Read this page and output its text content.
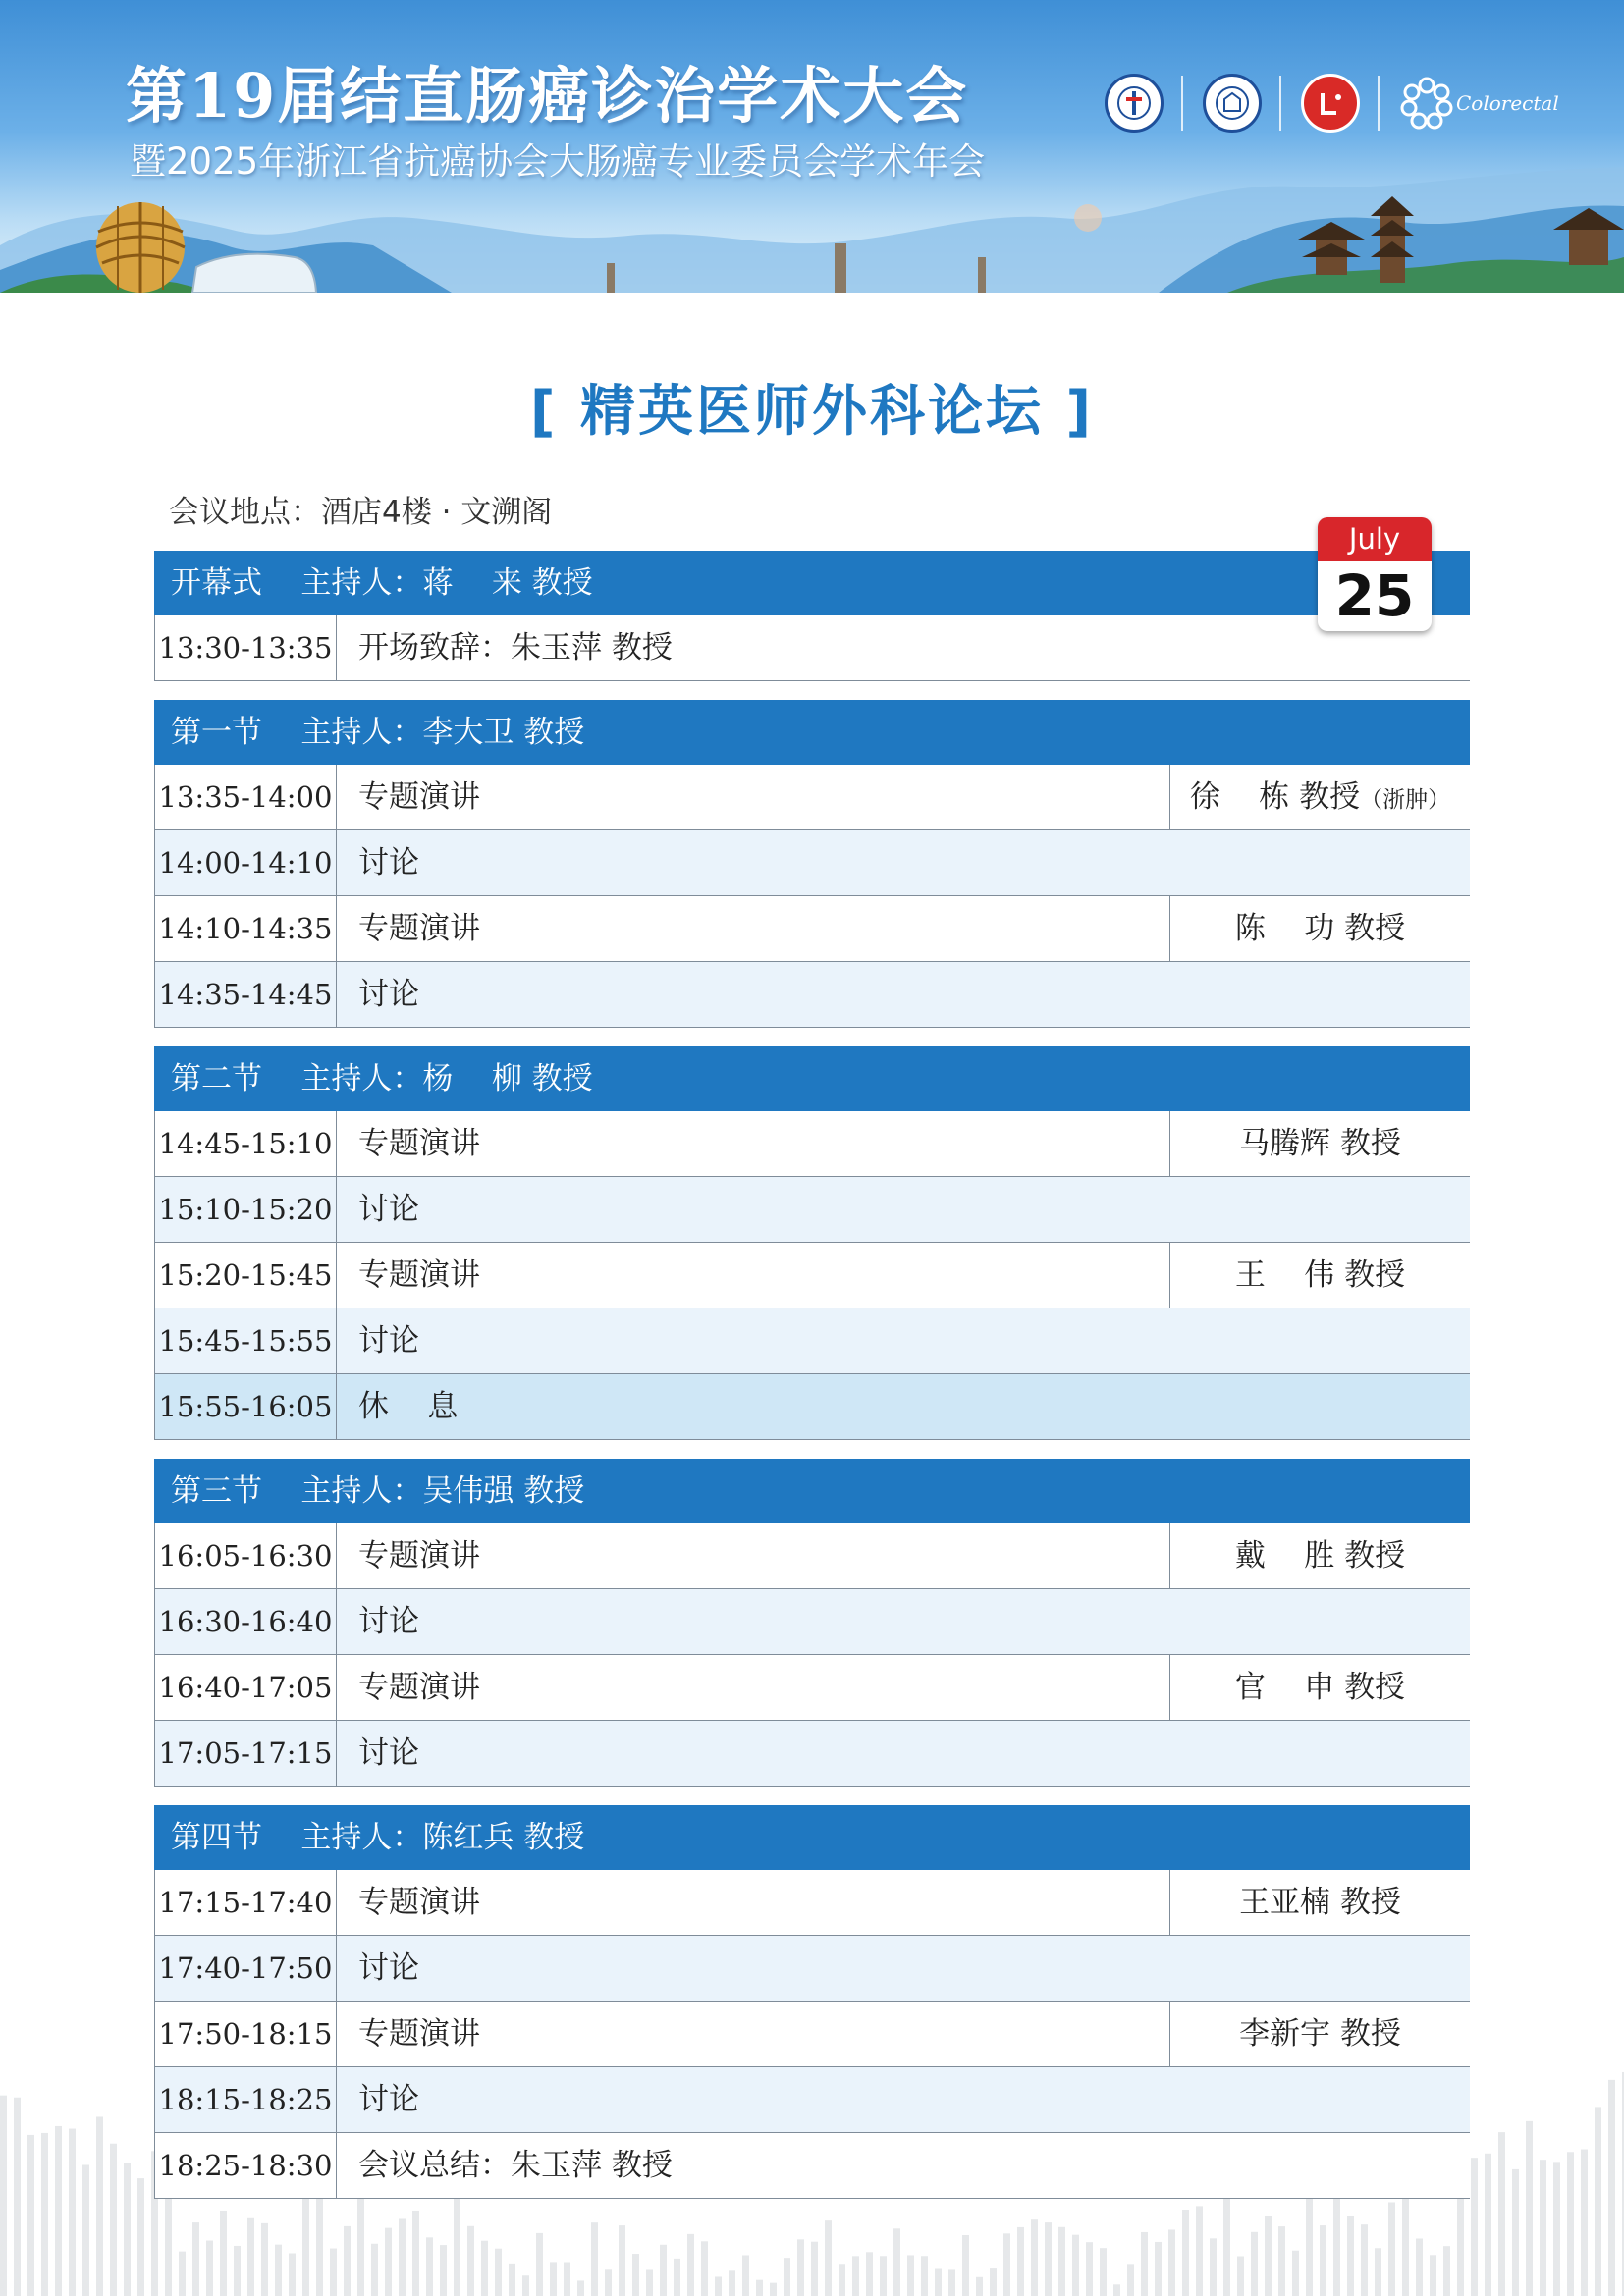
第19届结直肠癌诊治学术大会
暨2025年浙江省抗癌协会大肠癌专业委员会学术年会
Colorectal
[ 精英医师外科论坛 ]
会议地点：酒店4楼 · 文溯阁
July
25
开幕式    主持人：蒋    来 教授
13:30-13:35 开场致辞：朱玉萍 教授
第一节    主持人：李大卫 教授
13:35-14:00 专题演讲	徐    栋 教授（浙肿）
14:00-14:10 讨论
14:10-14:35 专题演讲	陈    功 教授
14:35-14:45 讨论
第二节    主持人：杨    柳 教授
14:45-15:10 专题演讲	马腾辉 教授
15:10-15:20 讨论
15:20-15:45 专题演讲	王    伟 教授
15:45-15:55 讨论
15:55-16:05 休    息
第三节    主持人：吴伟强 教授
16:05-16:30 专题演讲	戴    胜 教授
16:30-16:40 讨论
16:40-17:05 专题演讲	官    申 教授
17:05-17:15 讨论
第四节    主持人：陈红兵 教授
17:15-17:40 专题演讲	王亚楠 教授
17:40-17:50 讨论
17:50-18:15 专题演讲	李新宇 教授
18:15-18:25 讨论
18:25-18:30 会议总结：朱玉萍 教授
